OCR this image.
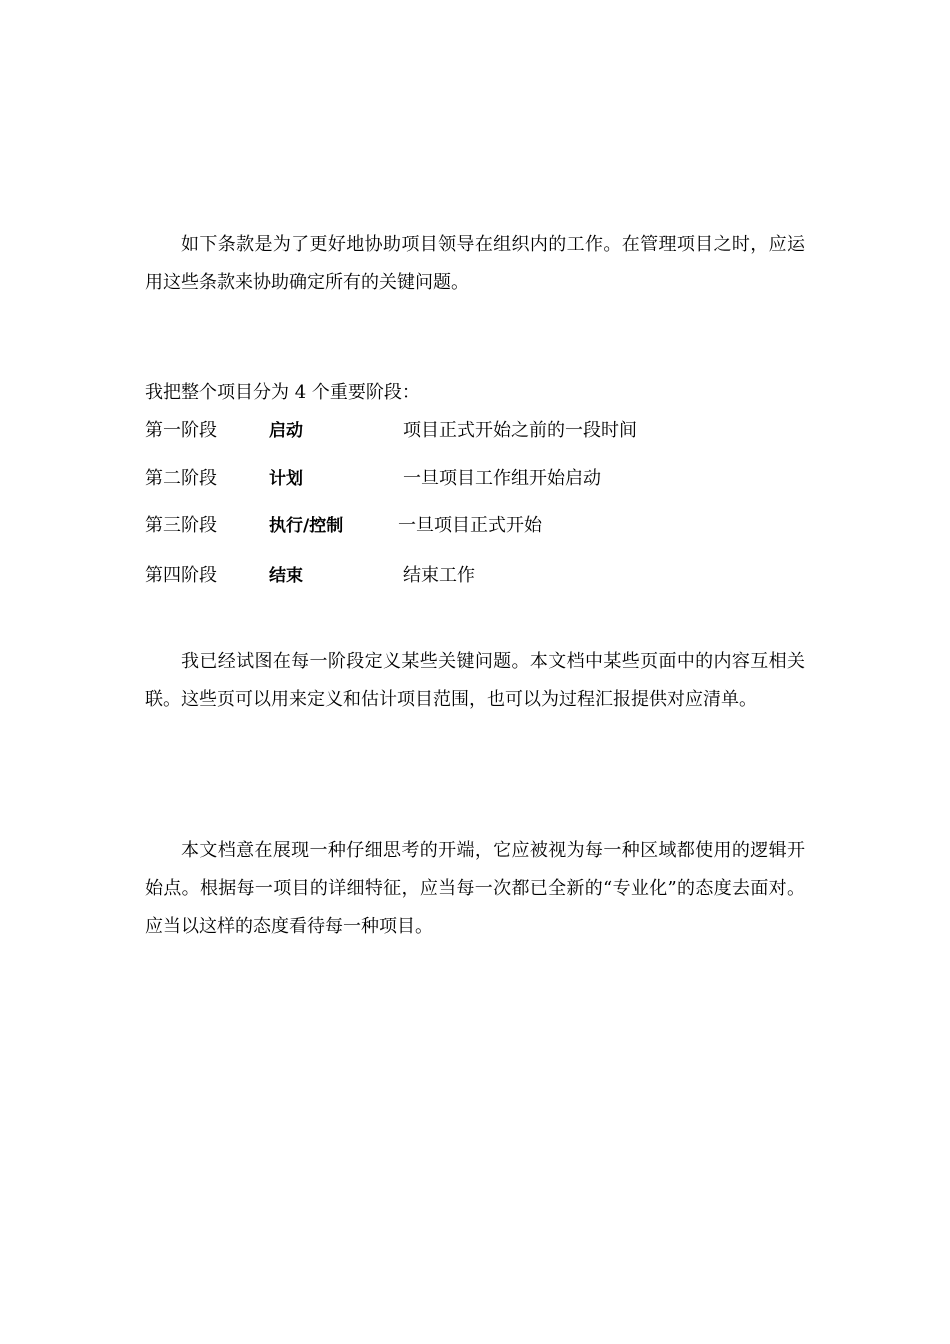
如下条款是为了更好地协助项目领导在组织内的工作。在管理项目之时，应运用这些条款来协助确定所有的关键问题。

我把整个项目分为 4 个重要阶段：

第一阶段	启动	项目正式开始之前的一段时间
第二阶段	计划	一旦项目工作组开始启动
第三阶段	执行/控制	一旦项目正式开始
第四阶段	结束	结束工作

我已经试图在每一阶段定义某些关键问题。本文档中某些页面中的内容互相关联。这些页可以用来定义和估计项目范围，也可以为过程汇报提供对应清单。

本文档意在展现一种仔细思考的开端，它应被视为每一种区域都使用的逻辑开始点。根据每一项目的详细特征，应当每一次都已全新的“专业化”的态度去面对。应当以这样的态度看待每一种项目。
